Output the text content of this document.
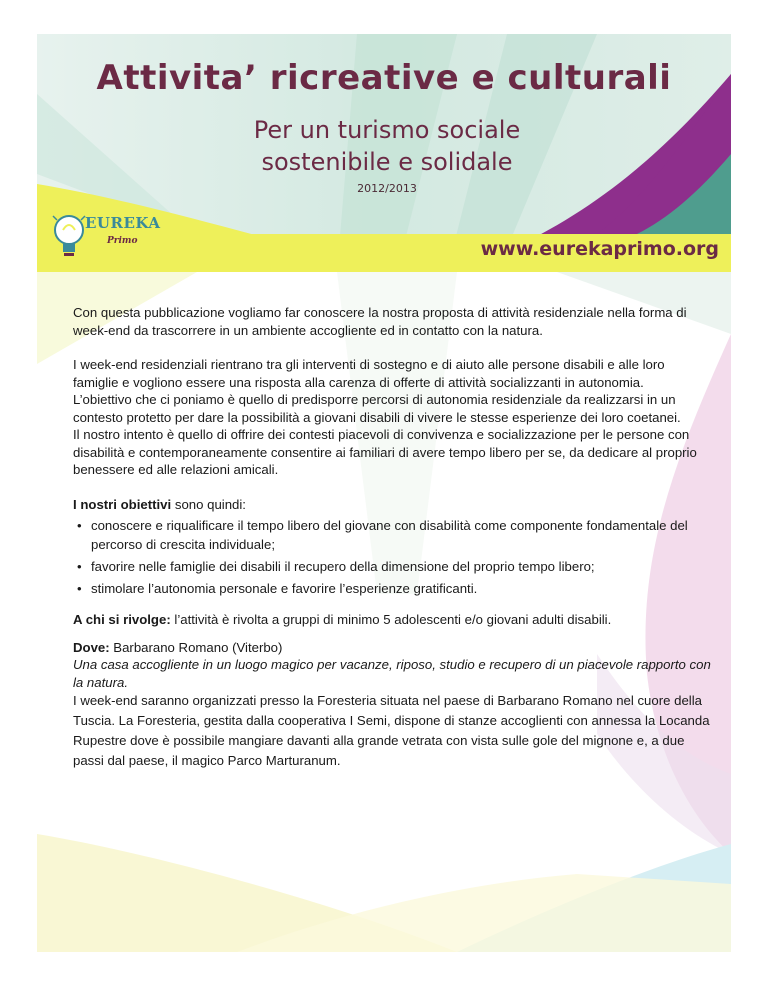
Attivita’ ricreative e culturali
Per un turismo sociale
sostenibile e solidale
2012/2013
EUREKA
Primo	www.eurekaprimo.org

Con questa pubblicazione vogliamo far conoscere la nostra proposta di attività residenziale nella forma di week-end da trascorrere in un ambiente accogliente ed in contatto con la natura.

I week-end residenziali rientrano tra gli interventi di sostegno e di aiuto alle persone disabili e alle loro famiglie e vogliono essere una risposta alla carenza di offerte di attività socializzanti in autonomia.

L’obiettivo che ci poniamo è quello di predisporre percorsi di autonomia residenziale da realizzarsi in un contesto protetto per dare la possibilità a giovani disabili di vivere le stesse esperienze dei loro coetanei.

Il nostro intento è quello di offrire dei contesti piacevoli di convivenza e socializzazione per le persone con disabilità e contemporaneamente consentire ai familiari di avere tempo libero per se, da dedicare al proprio benessere ed alle relazioni amicali.

I nostri obiettivi sono quindi:

• conoscere e riqualificare il tempo libero del giovane con disabilità come componente fondamentale del percorso di crescita individuale;
• favorire nelle famiglie dei disabili il recupero della dimensione del proprio tempo libero;
• stimolare l’autonomia personale e favorire l’esperienze gratificanti.

A chi si rivolge: l’attività è rivolta a gruppi di minimo 5 adolescenti e/o giovani adulti disabili.

Dove: Barbarano Romano (Viterbo)

Una casa accogliente in un luogo magico per vacanze, riposo, studio e recupero di un piacevole rapporto con la natura.

I week-end saranno organizzati presso la Foresteria situata nel paese di Barbarano Romano nel cuore della Tuscia. La Foresteria, gestita dalla cooperativa I Semi, dispone di stanze accoglienti con annessa la Locanda Rupestre dove è possibile mangiare davanti alla grande vetrata con vista sulle gole del mignone e, a due passi dal paese, il magico Parco Marturanum.
